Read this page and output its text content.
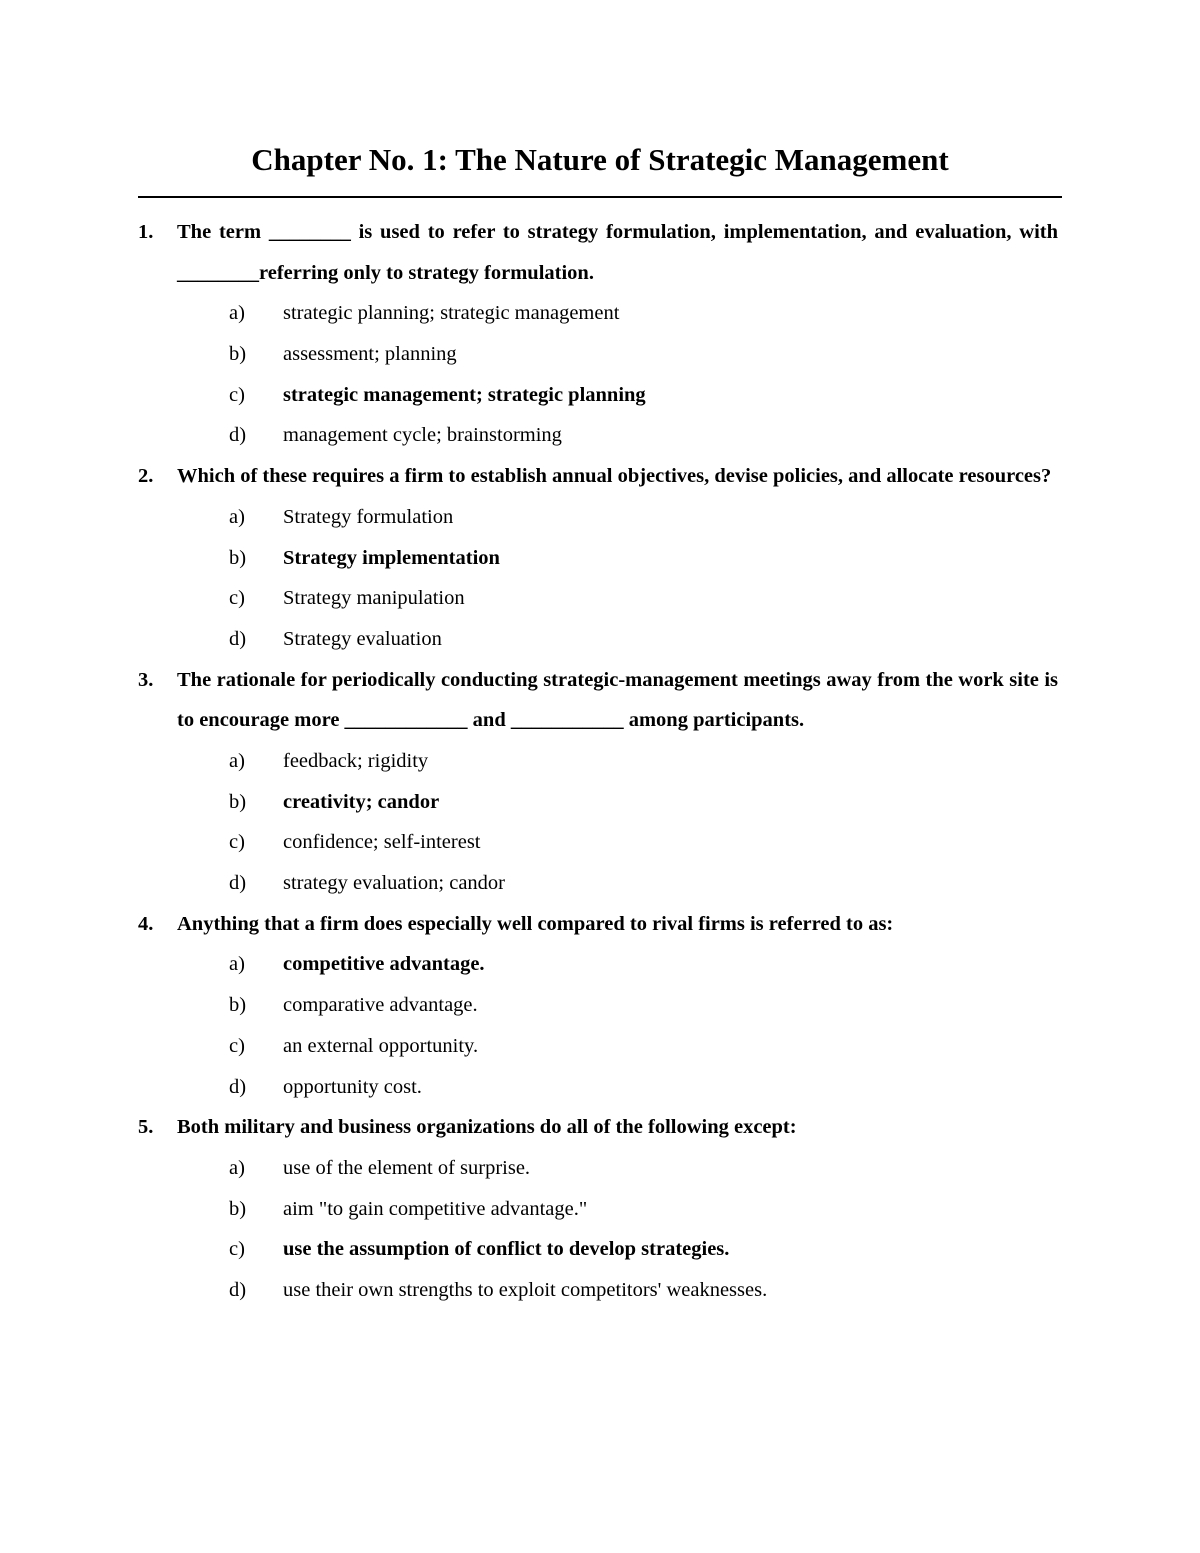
Chapter No. 1: The Nature of Strategic Management
1. The term ________ is used to refer to strategy formulation, implementation, and evaluation, with ________referring only to strategy formulation.
a) strategic planning; strategic management
b) assessment; planning
c) strategic management; strategic planning
d) management cycle; brainstorming
2. Which of these requires a firm to establish annual objectives, devise policies, and allocate resources?
a) Strategy formulation
b) Strategy implementation
c) Strategy manipulation
d) Strategy evaluation
3. The rationale for periodically conducting strategic-management meetings away from the work site is to encourage more ____________ and ___________ among participants.
a) feedback; rigidity
b) creativity; candor
c) confidence; self-interest
d) strategy evaluation; candor
4. Anything that a firm does especially well compared to rival firms is referred to as:
a) competitive advantage.
b) comparative advantage.
c) an external opportunity.
d) opportunity cost.
5. Both military and business organizations do all of the following except:
a) use of the element of surprise.
b) aim "to gain competitive advantage."
c) use the assumption of conflict to develop strategies.
d) use their own strengths to exploit competitors' weaknesses.
